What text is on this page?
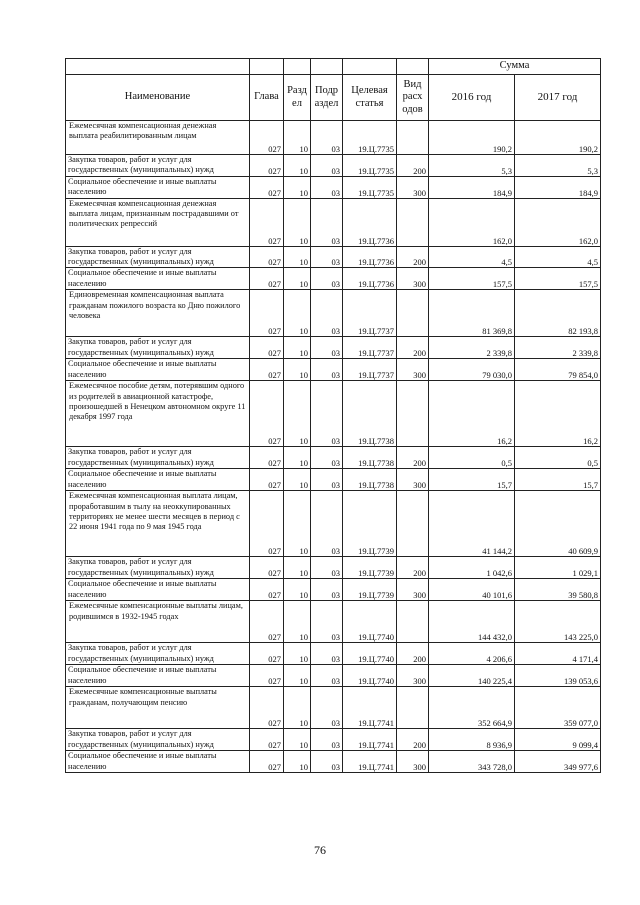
						Сумма	
Наименование	Глава	Разд ел	Подр аздел	Целевая статья	Вид расх одов	2016 год	2017 год
Ежемесячная компенсационная денежная выплата реабилитированным лицам	027	10	03	19.Ц.7735		190,2	190,2
Закупка товаров, работ и услуг для государственных (муниципальных) нужд	027	10	03	19.Ц.7735	200	5,3	5,3
Социальное обеспечение и иные выплаты населению	027	10	03	19.Ц.7735	300	184,9	184,9
Ежемесячная компенсационная денежная выплата лицам, признанным пострадавшими от политических репрессий	027	10	03	19.Ц.7736		162,0	162,0
Закупка товаров, работ и услуг для государственных (муниципальных) нужд	027	10	03	19.Ц.7736	200	4,5	4,5
Социальное обеспечение и иные выплаты населению	027	10	03	19.Ц.7736	300	157,5	157,5
Единовременная компенсационная выплата гражданам пожилого возраста ко Дню пожилого человека	027	10	03	19.Ц.7737		81 369,8	82 193,8
Закупка товаров, работ и услуг для государственных (муниципальных) нужд	027	10	03	19.Ц.7737	200	2 339,8	2 339,8
Социальное обеспечение и иные выплаты населению	027	10	03	19.Ц.7737	300	79 030,0	79 854,0
Ежемесячное пособие детям, потерявшим одного из родителей в авиационной катастрофе, произошедшей в Ненецком автономном округе 11 декабря 1997 года	027	10	03	19.Ц.7738		16,2	16,2
Закупка товаров, работ и услуг для государственных (муниципальных) нужд	027	10	03	19.Ц.7738	200	0,5	0,5
Социальное обеспечение и иные выплаты населению	027	10	03	19.Ц.7738	300	15,7	15,7
Ежемесячная компенсационная выплата лицам, проработавшим в тылу на неоккупированных территориях не менее шести месяцев в период с 22 июня 1941 года по 9 мая 1945 года	027	10	03	19.Ц.7739		41 144,2	40 609,9
Закупка товаров, работ и услуг для государственных (муниципальных) нужд	027	10	03	19.Ц.7739	200	1 042,6	1 029,1
Социальное обеспечение и иные выплаты населению	027	10	03	19.Ц.7739	300	40 101,6	39 580,8
Ежемесячные компенсационные выплаты лицам, родившимся в 1932-1945 годах	027	10	03	19.Ц.7740		144 432,0	143 225,0
Закупка товаров, работ и услуг для государственных (муниципальных) нужд	027	10	03	19.Ц.7740	200	4 206,6	4 171,4
Социальное обеспечение и иные выплаты населению	027	10	03	19.Ц.7740	300	140 225,4	139 053,6
Ежемесячные компенсационные выплаты гражданам, получающим пенсию	027	10	03	19.Ц.7741		352 664,9	359 077,0
Закупка товаров, работ и услуг для государственных (муниципальных) нужд	027	10	03	19.Ц.7741	200	8 936,9	9 099,4
Социальное обеспечение и иные выплаты населению	027	10	03	19.Ц.7741	300	343 728,0	349 977,6
76
